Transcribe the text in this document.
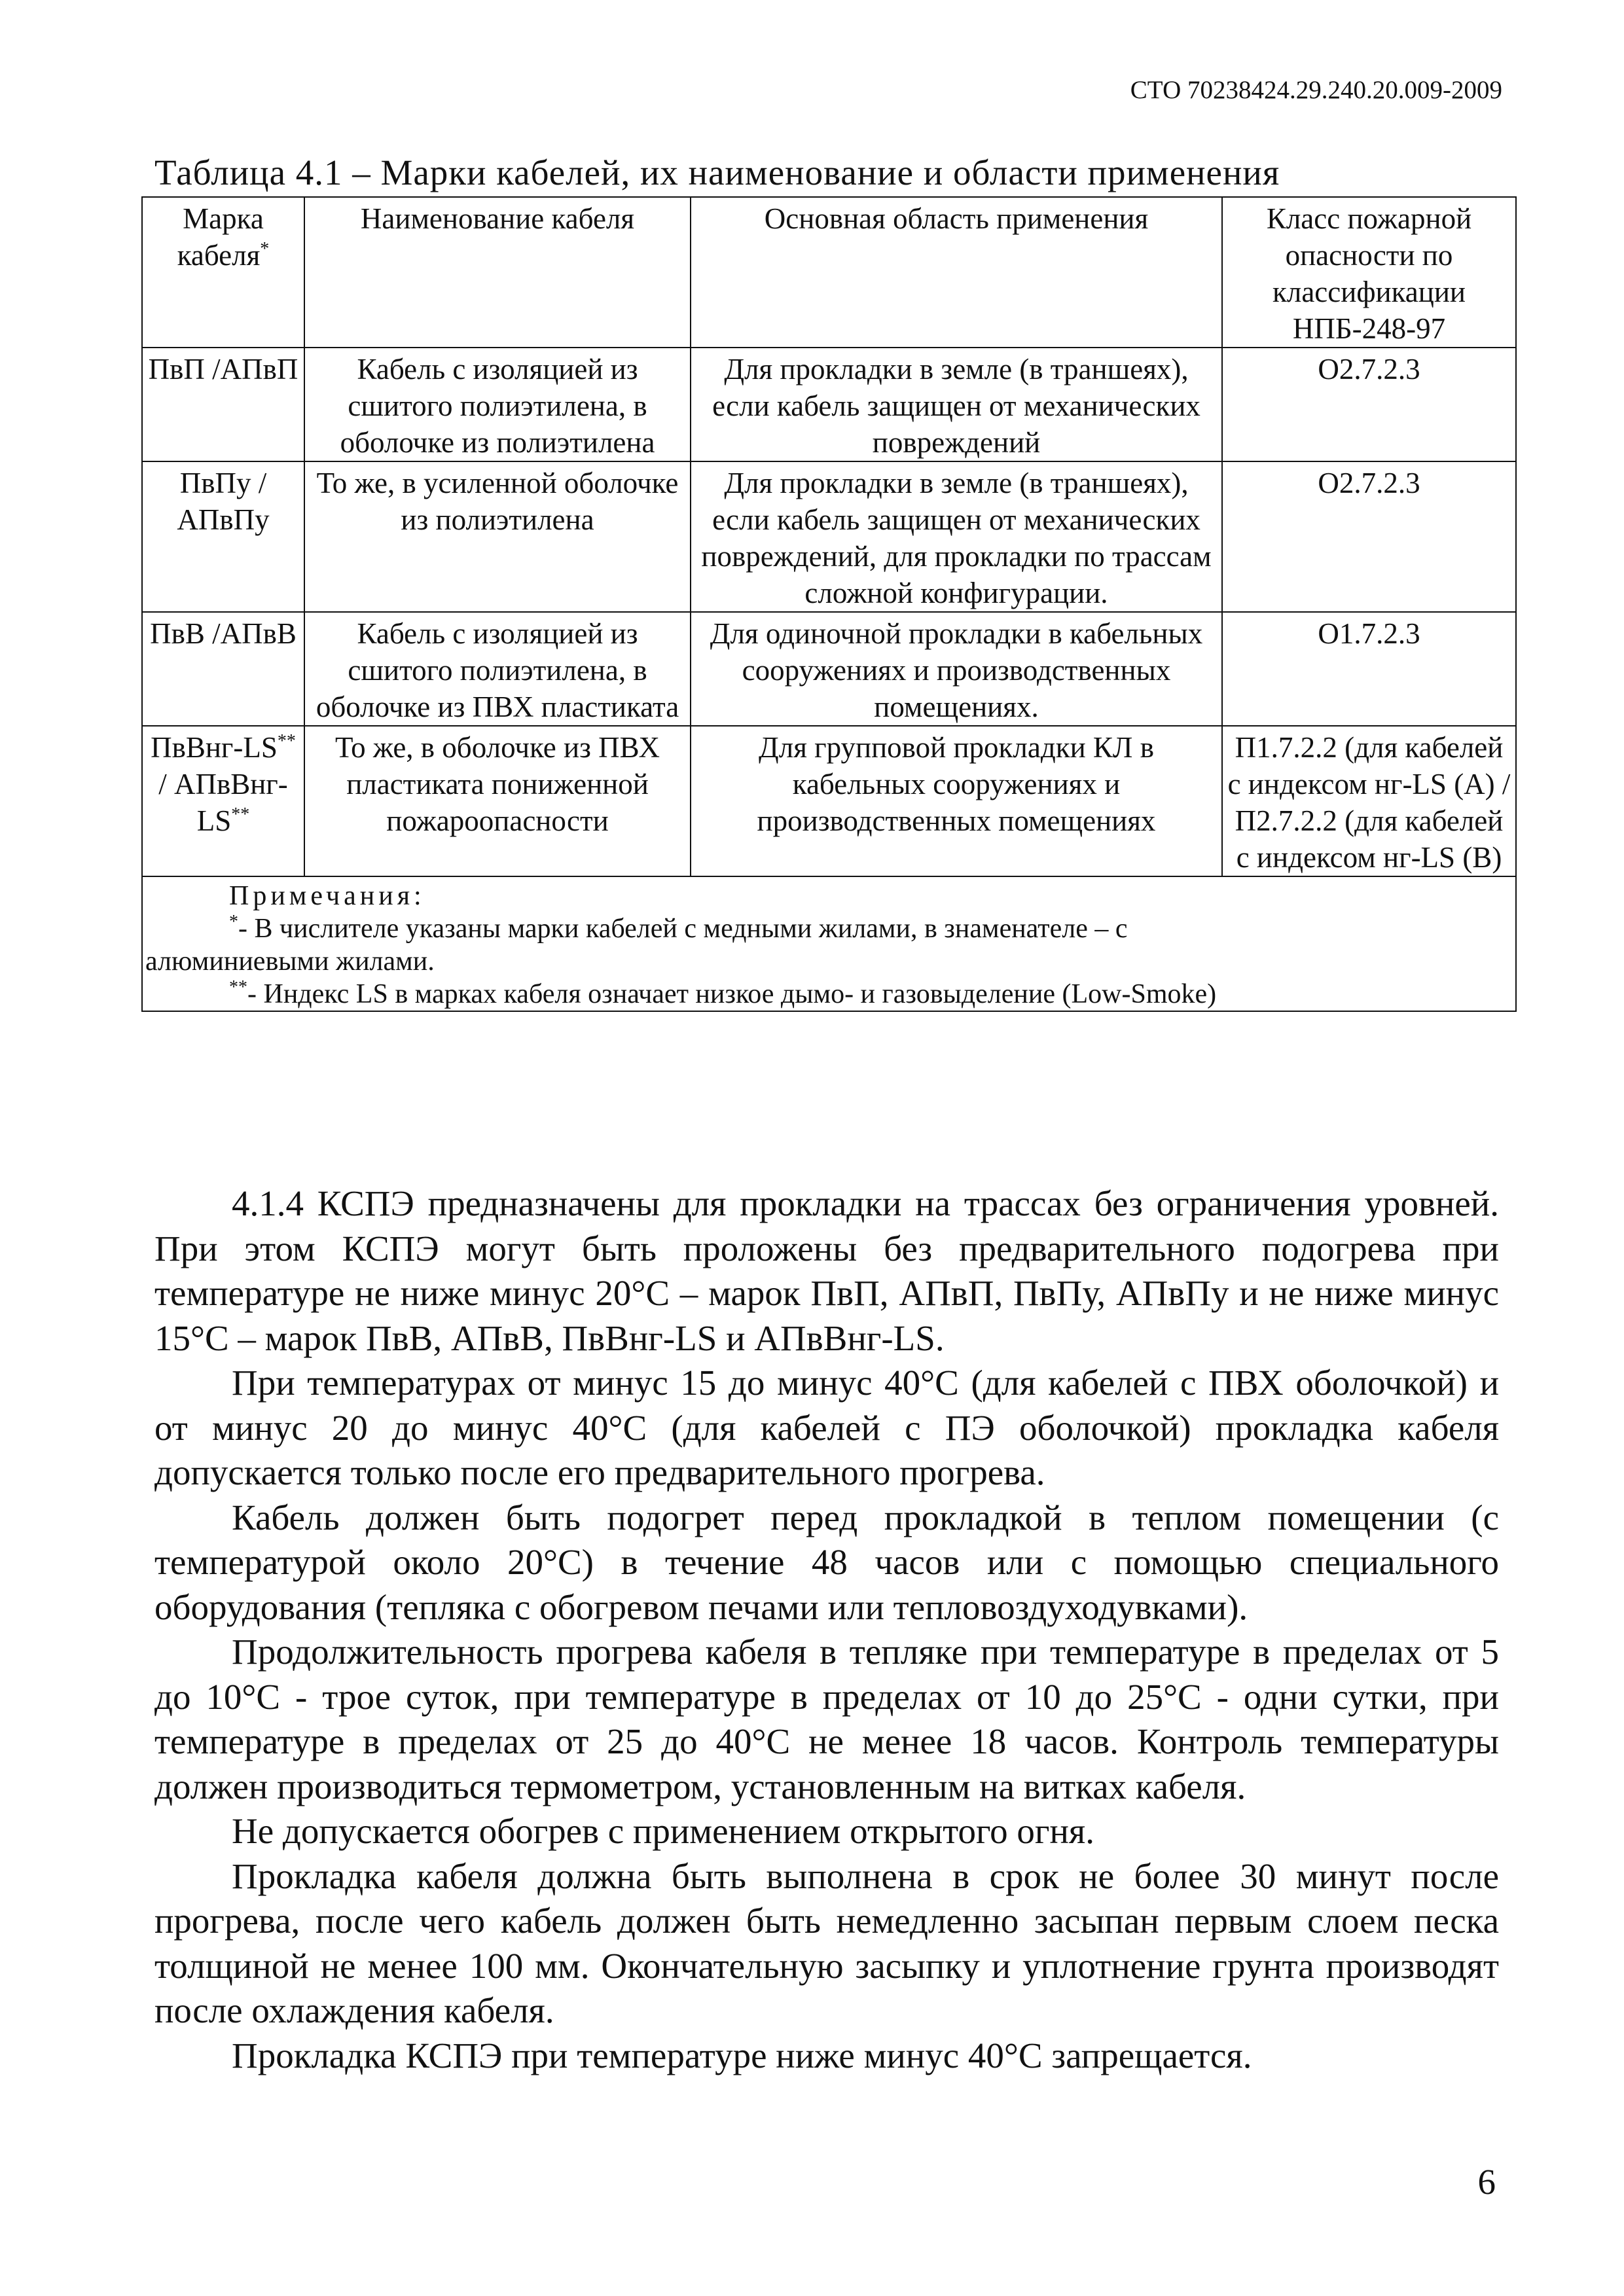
СТО 70238424.29.240.20.009-2009
Таблица 4.1 – Марки кабелей, их наименование и области применения
Марка кабеля*	Наименование кабеля	Основная область применения	Класс пожарной опасности по классификации НПБ-248-97
ПвП /АПвП	Кабель с изоляцией из сшитого полиэтилена, в оболочке из полиэтилена	Для прокладки в земле (в траншеях), если кабель защищен от механических повреждений	О2.7.2.3
ПвПу /АПвПу	То же, в усиленной оболочке из полиэтилена	Для прокладки в земле (в траншеях), если кабель защищен от механических повреждений, для прокладки по трассам сложной конфигурации.	О2.7.2.3
ПвВ /АПвВ	Кабель с изоляцией из сшитого полиэтилена, в оболочке из ПВХ пластиката	Для одиночной прокладки в кабельных сооружениях и производственных помещениях.	О1.7.2.3
ПвВнг-LS** / АПвВнг-LS**	То же, в оболочке из ПВХ пластиката пониженной пожароопасности	Для групповой прокладки КЛ в кабельных сооружениях и производственных помещениях	П1.7.2.2 (для кабелей с индексом нг-LS (А) / П2.7.2.2 (для кабелей с индексом нг-LS (В)

Примечания:
*- В числителе указаны марки кабелей с медными жилами, в знаменателе – с
алюминиевыми жилами.
**- Индекс LS в марках кабеля означает низкое дымо- и газовыделение (Low-Smoke)			

4.1.4 КСПЭ предназначены для прокладки на трассах без ограничения уровней. При этом КСПЭ могут быть проложены без предварительного подогрева при температуре не ниже минус 20°С – марок ПвП, АПвП, ПвПу, АПвПу и не ниже минус 15°С – марок ПвВ, АПвВ, ПвВнг-LS и АПвВнг-LS.

При температурах от минус 15 до минус 40°С (для кабелей с ПВХ оболочкой) и от минус 20 до минус 40°С (для кабелей с ПЭ оболочкой) прокладка кабеля допускается только после его предварительного прогрева.

Кабель должен быть подогрет перед прокладкой в теплом помещении (с температурой около 20°С) в течение 48 часов или с помощью специального оборудования (тепляка с обогревом печами или тепловоздуходувками).

Продолжительность прогрева кабеля в тепляке при температуре в пределах от 5 до 10°С - трое суток, при температуре в пределах от 10 до 25°С - одни сутки, при температуре в пределах от 25 до 40°С не менее 18 часов. Контроль температуры должен производиться термометром, установленным на витках кабеля.

Не допускается обогрев с применением открытого огня.

Прокладка кабеля должна быть выполнена в срок не более 30 минут после прогрева, после чего кабель должен быть немедленно засыпан первым слоем песка толщиной не менее 100 мм. Окончательную засыпку и уплотнение грунта производят после охлаждения кабеля.

Прокладка КСПЭ при температуре ниже минус 40°С запрещается.

6
